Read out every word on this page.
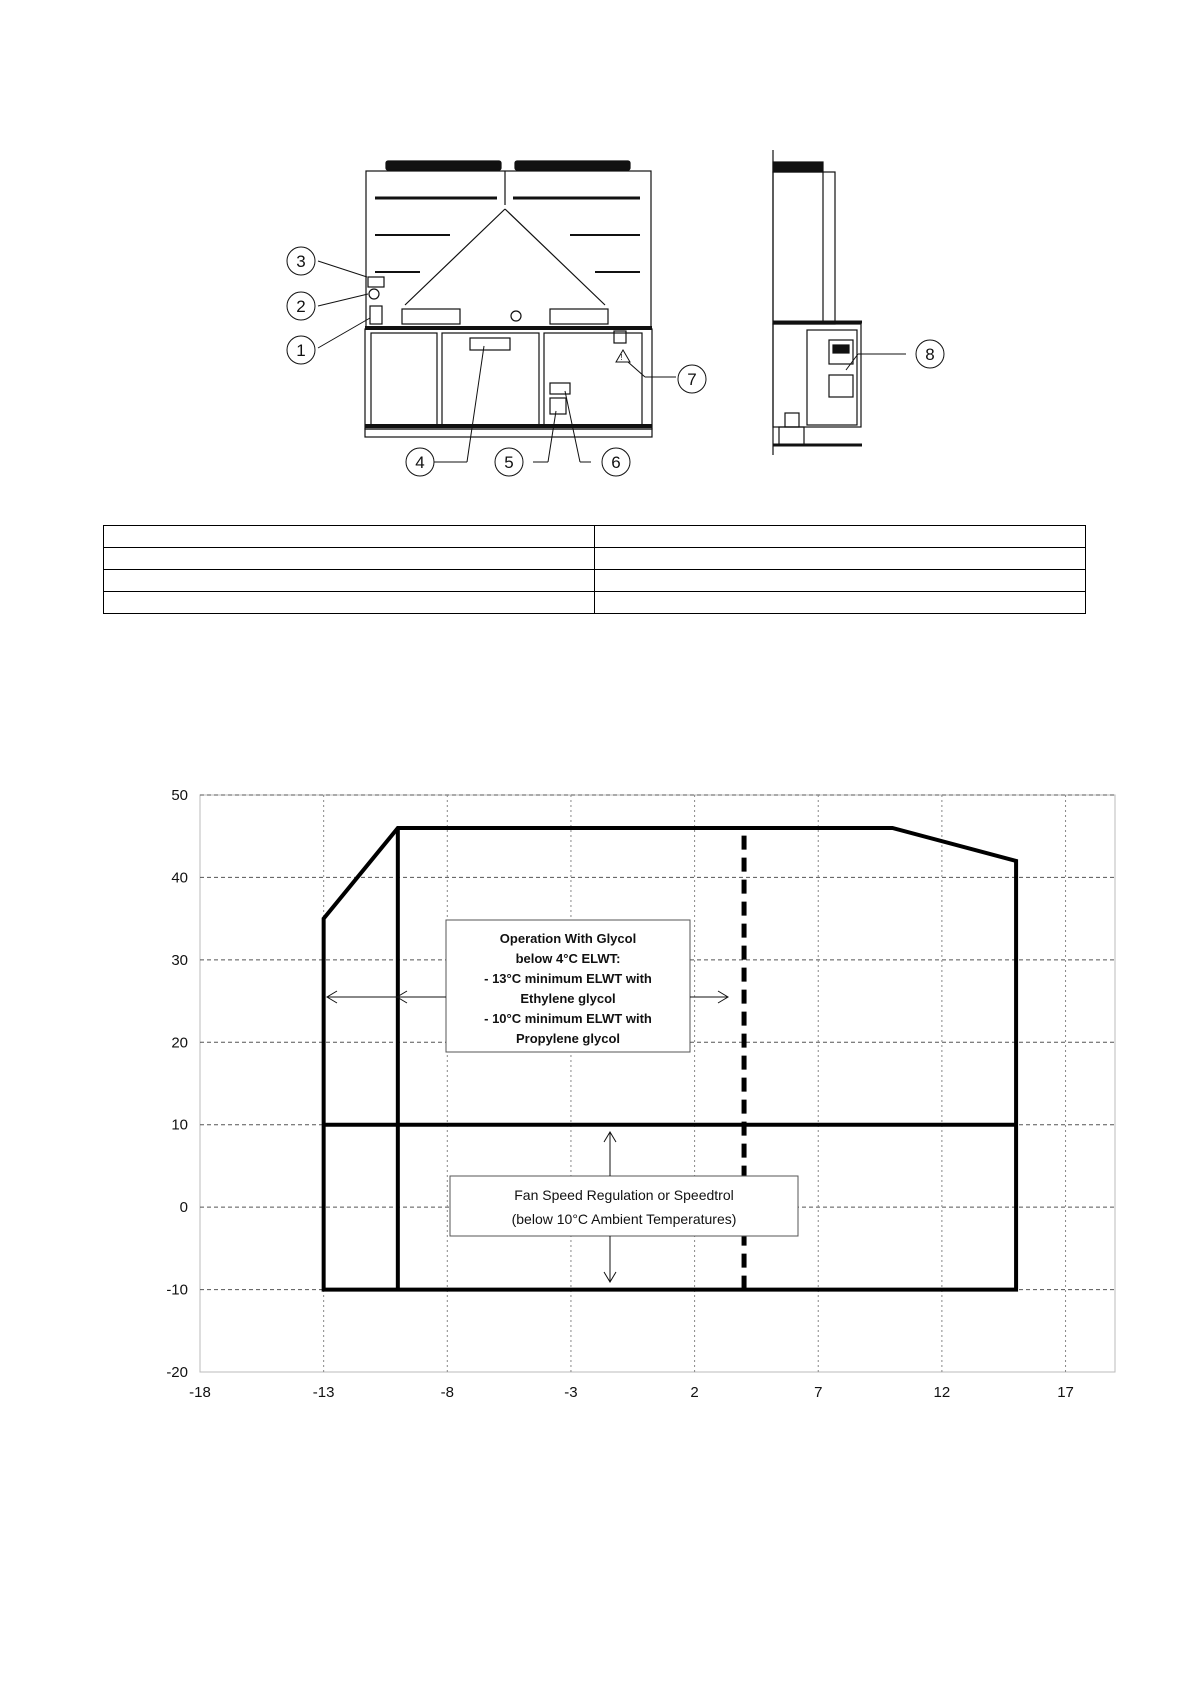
!
3
2
1
4	5	6
7
8

-20
-10
0
10
20
30
40
50
-18	-13	-8	-3	2	7	12	17
Operation With Glycol
below 4°C ELWT:
- 13°C minimum ELWT with
Ethylene glycol
- 10°C minimum ELWT with
Propylene glycol
Fan Speed Regulation or Speedtrol
(below 10°C Ambient Temperatures)
